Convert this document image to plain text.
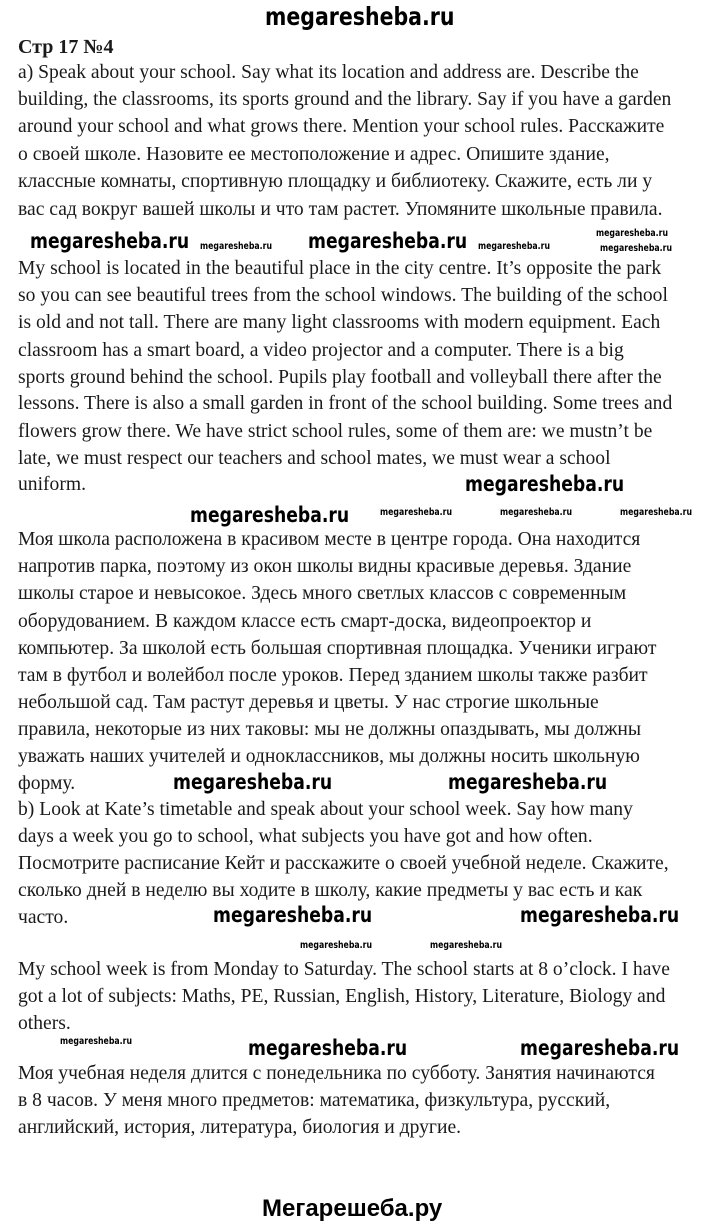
megaresheba.ru
Стр 17 №4
a) Speak about your school. Say what its location and address are. Describe the
building, the classrooms, its sports ground and the library. Say if you have a garden
around your school and what grows there. Mention your school rules. Расскажите
о своей школе. Назовите ее местоположение и адрес. Опишите здание,
классные комнаты, спортивную площадку и библиотеку. Скажите, есть ли у
вас сад вокруг вашей школы и что там растет. Упомяните школьные правила.
My school is located in the beautiful place in the city centre. It’s opposite the park
so you can see beautiful trees from the school windows. The building of the school
is old and not tall. There are many light classrooms with modern equipment. Each
classroom has a smart board, a video projector and a computer. There is a big
sports ground behind the school. Pupils play football and volleyball there after the
lessons. There is also a small garden in front of the school building. Some trees and
flowers grow there. We have strict school rules, some of them are: we mustn’t be
late, we must respect our teachers and school mates, we must wear a school
uniform.
Моя школа расположена в красивом месте в центре города. Она находится
напротив парка, поэтому из окон школы видны красивые деревья. Здание
школы старое и невысокое. Здесь много светлых классов с современным
оборудованием. В каждом классе есть смарт-доска, видеопроектор и
компьютер. За школой есть большая спортивная площадка. Ученики играют
там в футбол и волейбол после уроков. Перед зданием школы также разбит
небольшой сад. Там растут деревья и цветы. У нас строгие школьные
правила, некоторые из них таковы: мы не должны опаздывать, мы должны
уважать наших учителей и одноклассников, мы должны носить школьную
форму.
b) Look at Kate’s timetable and speak about your school week. Say how many
days a week you go to school, what subjects you have got and how often.
Посмотрите расписание Кейт и расскажите о своей учебной неделе. Скажите,
сколько дней в неделю вы ходите в школу, какие предметы у вас есть и как
часто.
My school week is from Monday to Saturday. The school starts at 8 o’clock. I have
got a lot of subjects: Maths, PE, Russian, English, History, Literature, Biology and
others.
Моя учебная неделя длится с понедельника по субботу. Занятия начинаются
в 8 часов. У меня много предметов: математика, физкультура, русский,
английский, история, литература, биология и другие.
megaresheba.ru	megaresheba.ru	megaresheba.ru
megaresheba.ru	megaresheba.ru	megaresheba.ru
megaresheba.ru
megaresheba.ru	megaresheba.ru	megaresheba.ru	megaresheba.ru
megaresheba.ru	megaresheba.ru
megaresheba.ru	megaresheba.ru
megaresheba.ru	megaresheba.ru
megaresheba.ru	megaresheba.ru	megaresheba.ru
Мегарешеба.ру
